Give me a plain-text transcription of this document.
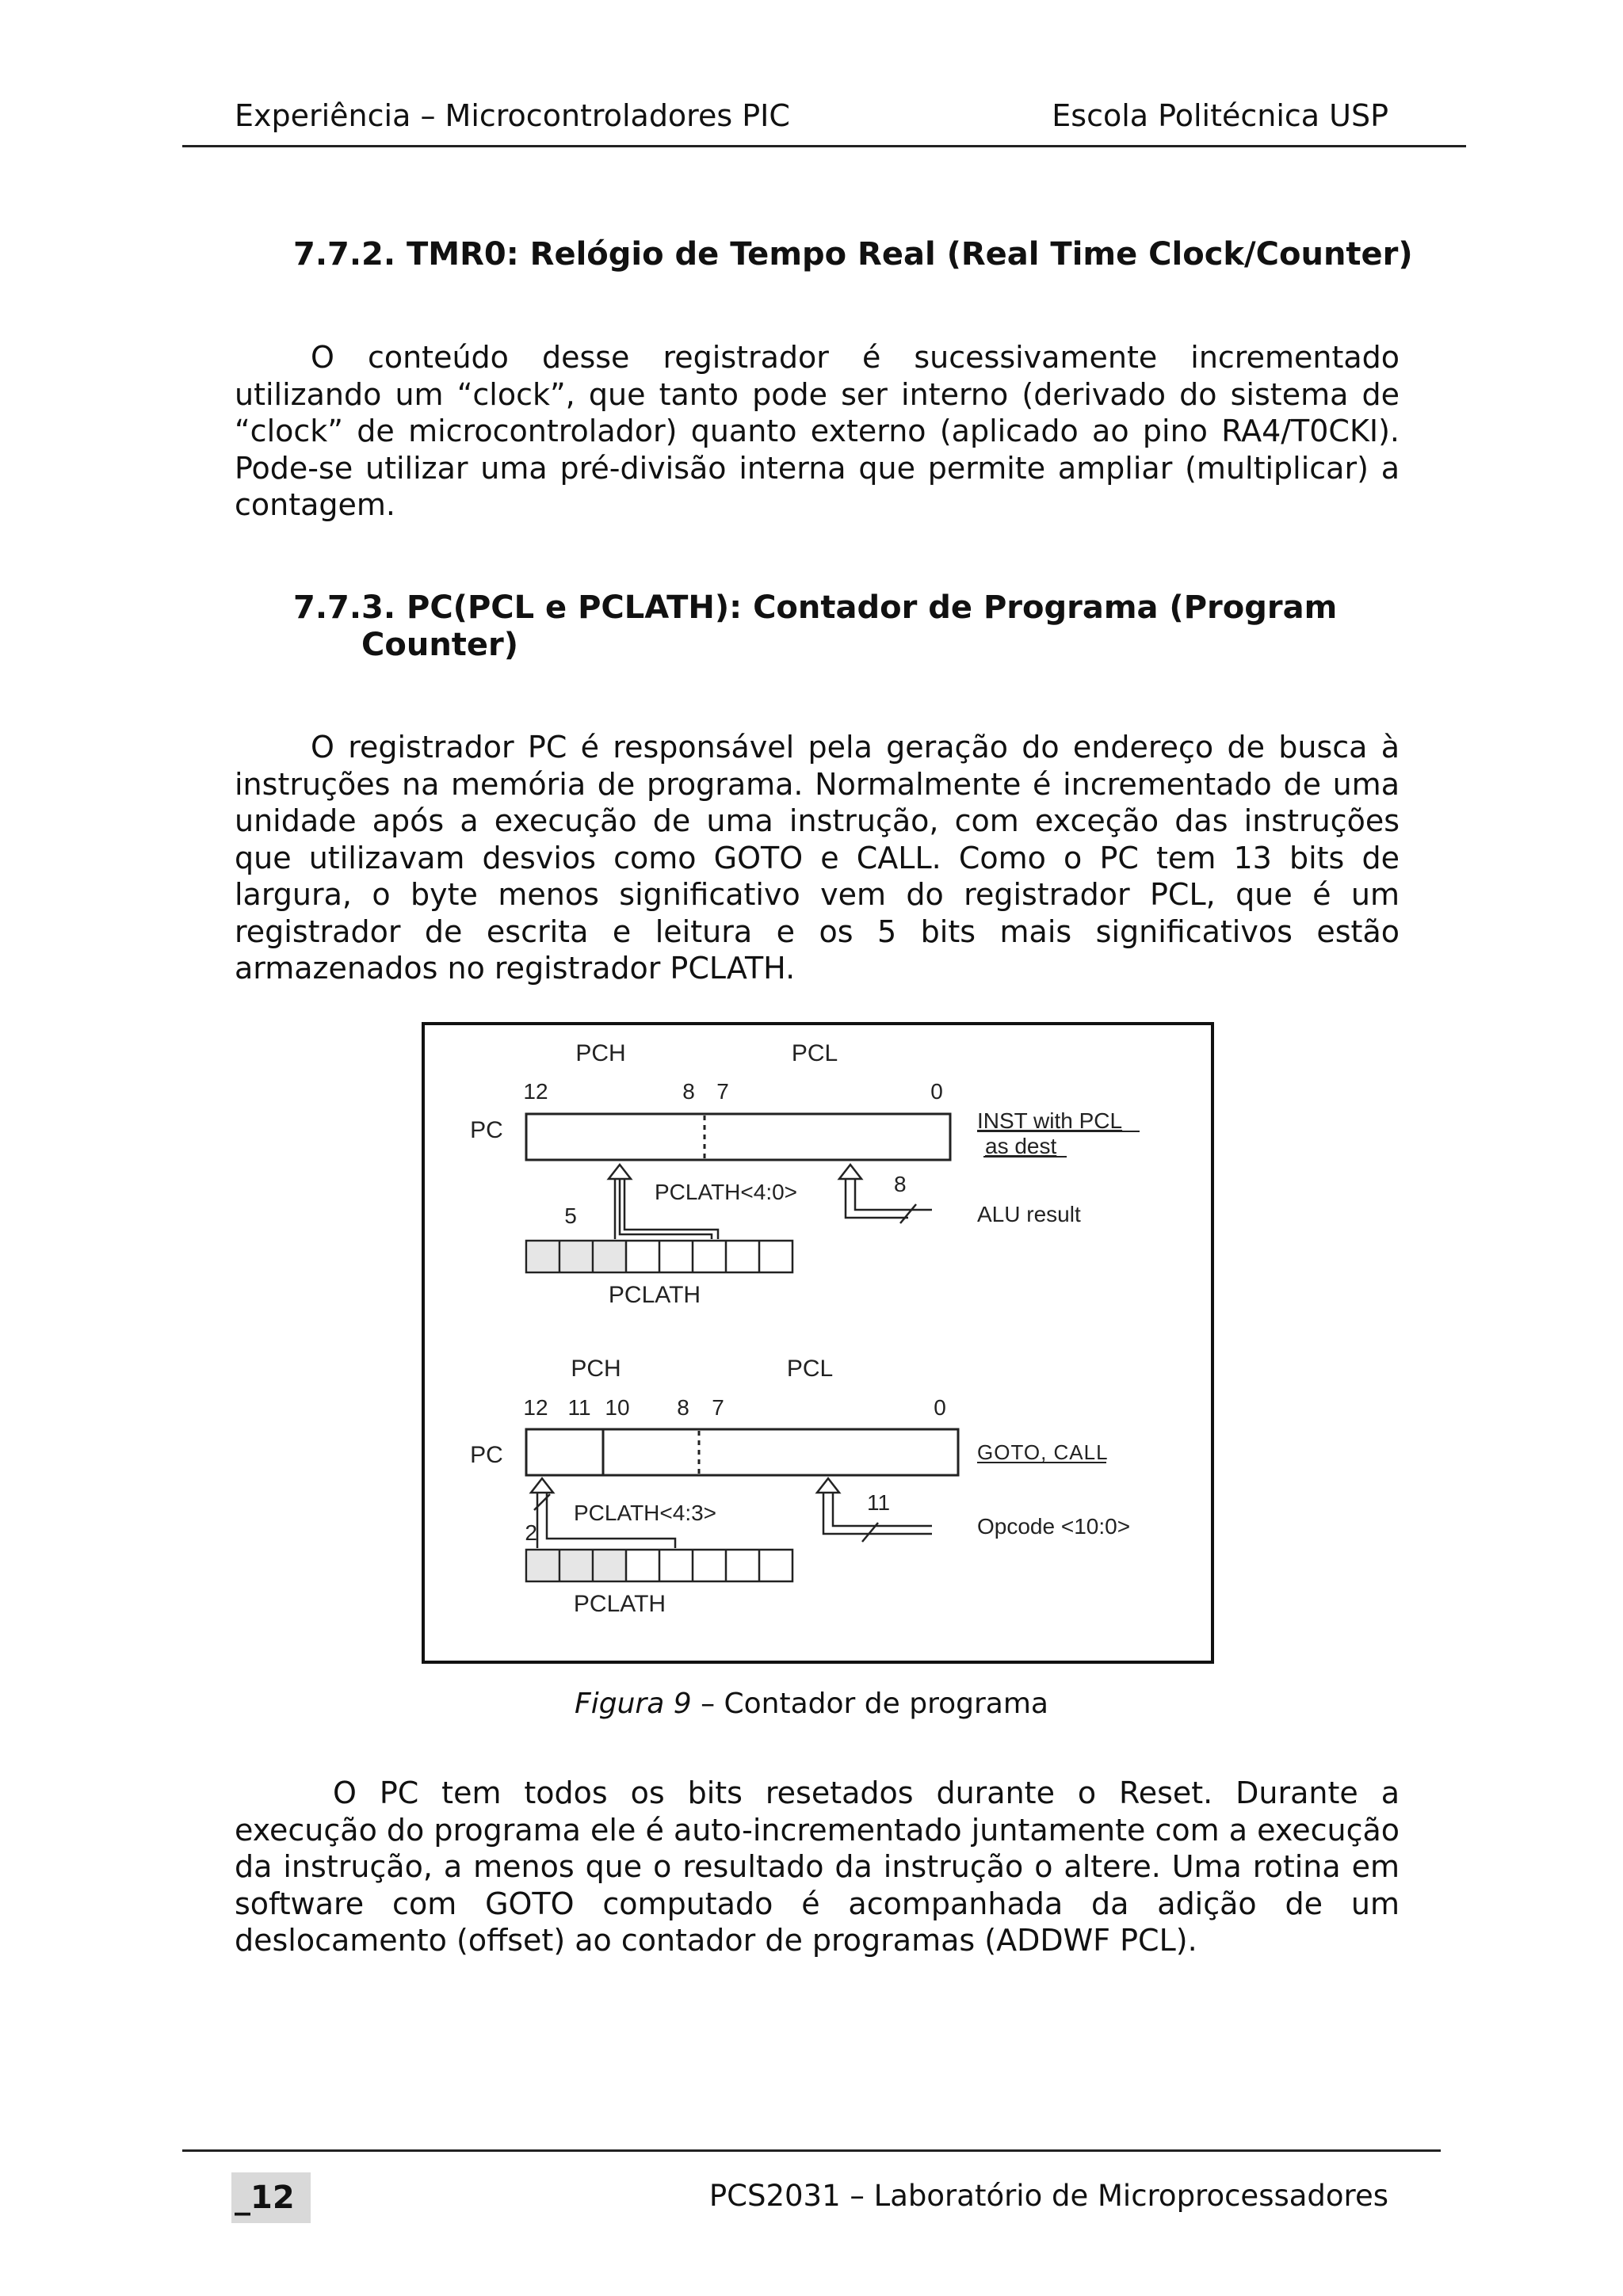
Experiência – Microcontroladores PIC	Escola Politécnica USP
7.7.2. TMR0: Relógio de Tempo Real (Real Time Clock/Counter)

O conteúdo desse registrador é sucessivamente incrementado utilizando um “clock”, que tanto pode ser interno (derivado do sistema de “clock” de microcontrolador) quanto externo (aplicado ao pino RA4/T0CKI). Pode-se utilizar uma pré-divisão interna que permite ampliar (multiplicar) a contagem.

7.7.3. PC(PCL e PCLATH): Contador de Programa (Program
Counter)

O registrador PC é responsável pela geração do endereço de busca à instruções na memória de programa. Normalmente é incrementado de uma unidade após a execução de uma instrução, com exceção das instruções que utilizavam desvios como GOTO e CALL. Como o PC tem 13 bits de largura, o byte menos significativo vem do registrador PCL, que é um registrador de escrita e leitura e os 5 bits mais significativos estão armazenados no registrador PCLATH.

PCH	PCL
12	8 7	0
PC	INST with PCL
as dest
PCLATH<4:0>
5
8
ALU result
PCLATH
PCH	PCL
12 11 10 8 7	0
PC	GOTO, CALL
PCLATH<4:3>
2
11
Opcode <10:0>
PCLATH
Figura 9 – Contador de programa

O PC tem todos os bits resetados durante o Reset. Durante a execução do programa ele é auto-incrementado juntamente com a execução da instrução, a menos que o resultado da instrução o altere. Uma rotina em software com GOTO computado é acompanhada da adição de um deslocamento (offset) ao contador de programas (ADDWF PCL).

_12	PCS2031 – Laboratório de Microprocessadores
